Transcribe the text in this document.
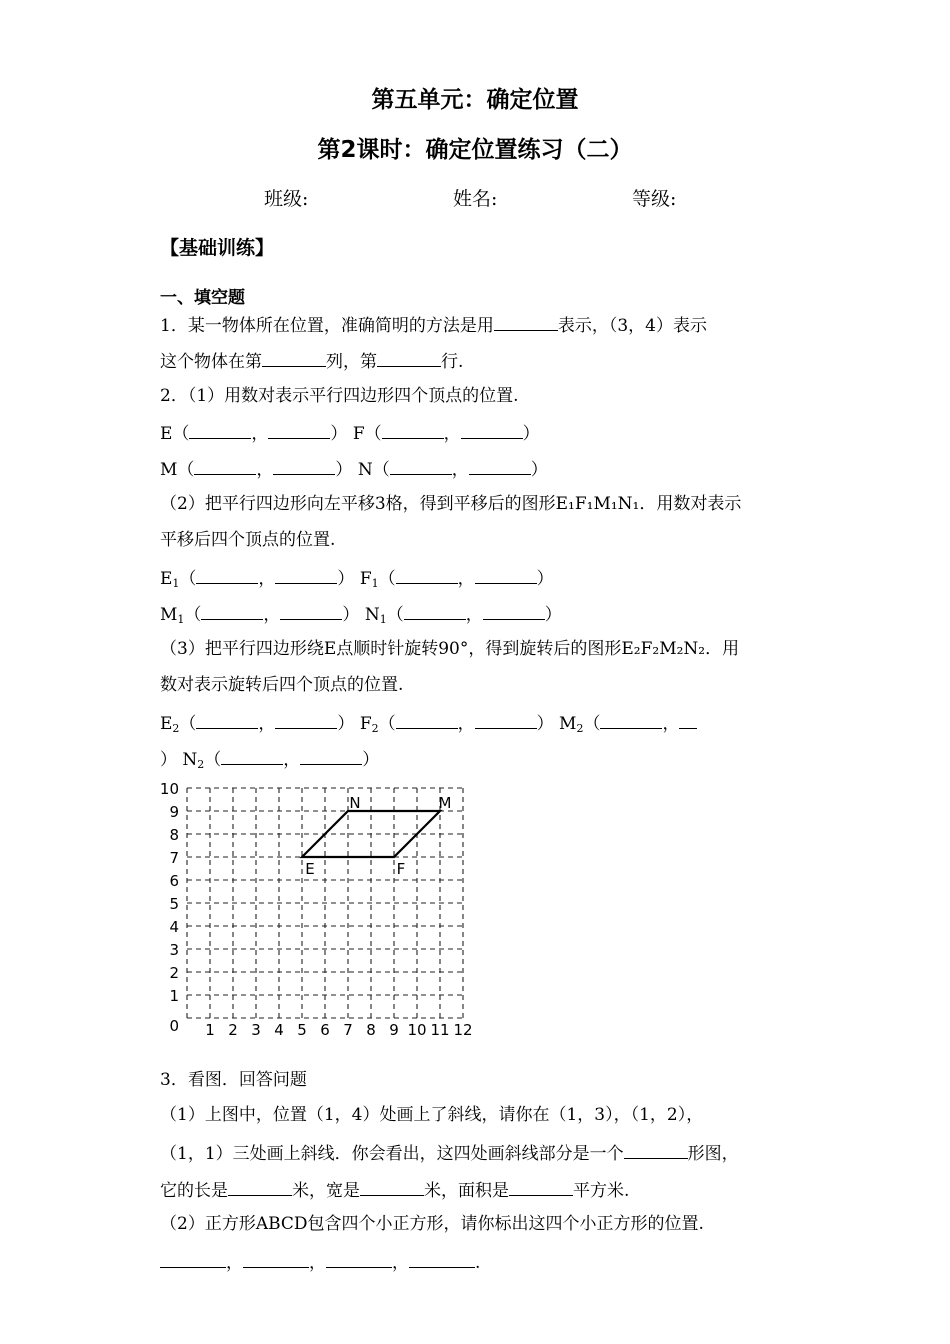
第五单元：确定位置
第2课时：确定位置练习（二）
班级:	姓名:	等级:
【基础训练】
一、填空题
1．某一物体所在位置，准确简明的方法是用	表示，（3，4）表示
这个物体在第	列，第	行.
2．（1）用数对表示平行四边形四个顶点的位置.
E（	，	） F（	，	）
M（	，	） N（	，	）
（2）把平行四边形向左平移3格，得到平移后的图形E₁F₁M₁N₁．用数对表示
平移后四个顶点的位置.
$E_1$（	，	） $F_1$（	，	）
$M_1$（	，	） $N_1$（	，	）
（3）把平行四边形绕E点顺时针旋转90°，得到旋转后的图形E₂F₂M₂N₂．用
数对表示旋转后四个顶点的位置.
$E_2$（	，	） $F_2$（	，	） $M_2$（	，
） $N_2$（	，	）
1 2 3 4 5 6 7 8 9 10 11 12
0
1
2
3
4
5
6
7
8
9
10
E	F
M
N
3．看图．回答问题
（1）上图中，位置（1，4）处画上了斜线，请你在（1，3），（1，2），
（1，1）三处画上斜线．你会看出，这四处画斜线部分是一个	形图，
它的长是	米，宽是	米，面积是	平方米.
（2）正方形ABCD包含四个小正方形，请你标出这四个小正方形的位置.
，	，	，	.
